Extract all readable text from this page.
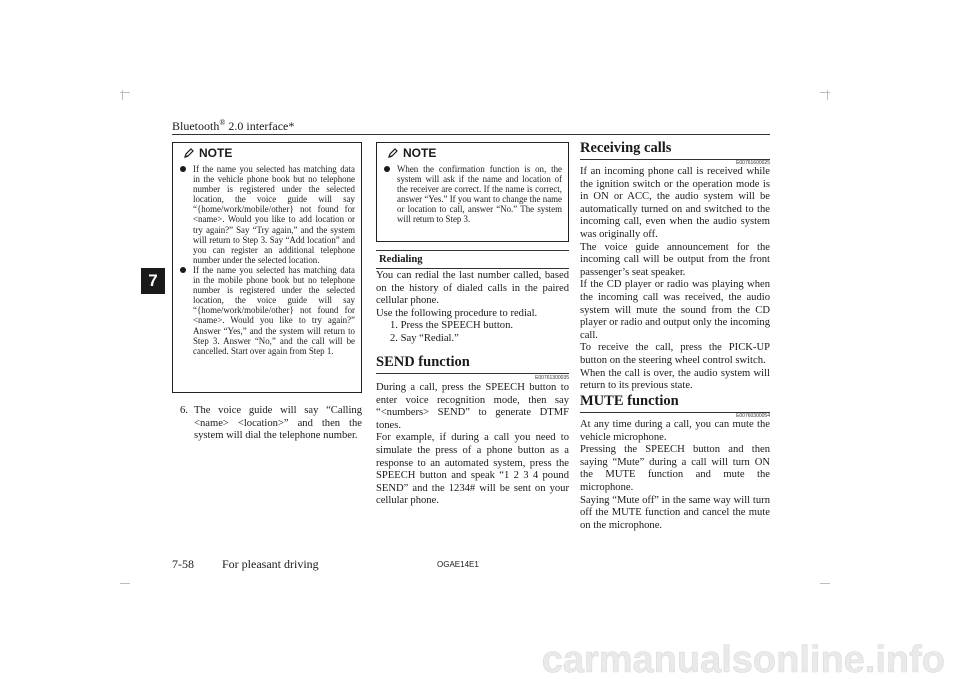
Bluetooth® 2.0 interface*
7
NOTE

If the name you selected has matching data in the vehicle phone book but no telephone number is registered under the selected location, the voice guide will say “{home/work/mobile/other} not found for <name>. Would you like to add location or try again?” Say “Try again,” and the system will return to Step 3. Say “Add location” and you can register an additional telephone number under the selected location.

If the name you selected has matching data in the mobile phone book but no telephone number is registered under the selected location, the voice guide will say “{home/work/mobile/other} not found for <name>. Would you like to try again?” Answer “Yes,” and the system will return to Step 3. Answer “No,” and the call will be cancelled. Start over again from Step 1.

6. The voice guide will say “Calling <name> <location>” and then the system will dial the telephone number.
NOTE

When the confirmation function is on, the system will ask if the name and location of the receiver are correct. If the name is correct, answer “Yes.” If you want to change the name or location to call, answer “No.” The system will return to Step 3.

Redialing

You can redial the last number called, based on the history of dialed calls in the paired cellular phone.

Use the following procedure to redial.

1. Press the SPEECH button.

2. Say “Redial.”

SEND function
E00761300035

During a call, press the SPEECH button to enter voice recognition mode, then say “<numbers> SEND” to generate DTMF tones.

For example, if during a call you need to simulate the press of a phone button as a response to an automated system, press the SPEECH button and speak “1 2 3 4 pound SEND” and the 1234# will be sent on your cellular phone.

Receiving calls
E00761600025

If an incoming phone call is received while the ignition switch or the operation mode is in ON or ACC, the audio system will be automatically turned on and switched to the incoming call, even when the audio system was originally off.

The voice guide announcement for the incoming call will be output from the front passenger’s seat speaker.

If the CD player or radio was playing when the incoming call was received, the audio system will mute the sound from the CD player or radio and output only the incoming call.

To receive the call, press the PICK-UP button on the steering wheel control switch.

When the call is over, the audio system will return to its previous state.

MUTE function
E00760300054

At any time during a call, you can mute the vehicle microphone.

Pressing the SPEECH button and then saying “Mute” during a call will turn ON the MUTE function and mute the microphone.

Saying “Mute off” in the same way will turn off the MUTE function and cancel the mute on the microphone.

7-58 For pleasant driving	OGAE14E1
carmanualsonline.info
